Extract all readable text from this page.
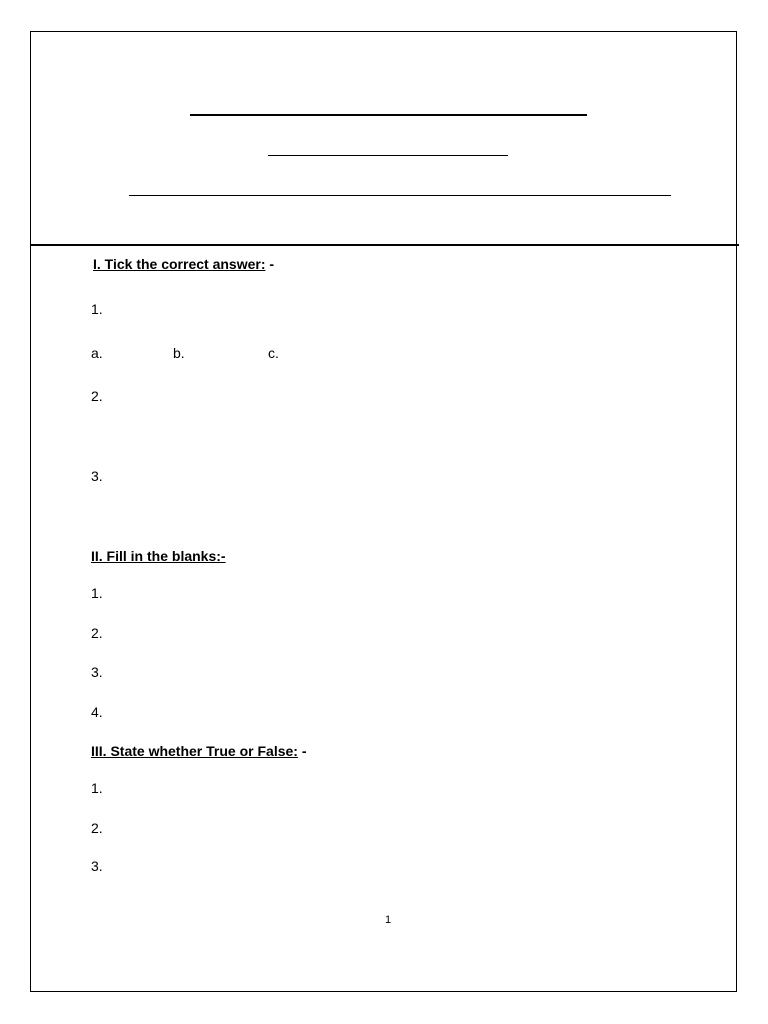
I. Tick the correct answer: -
1.
a.	b.	c.
2.
3.
II. Fill in the blanks:-
1.
2.
3.
4.
III. State whether True or False: -
1.
2.
3.
1
